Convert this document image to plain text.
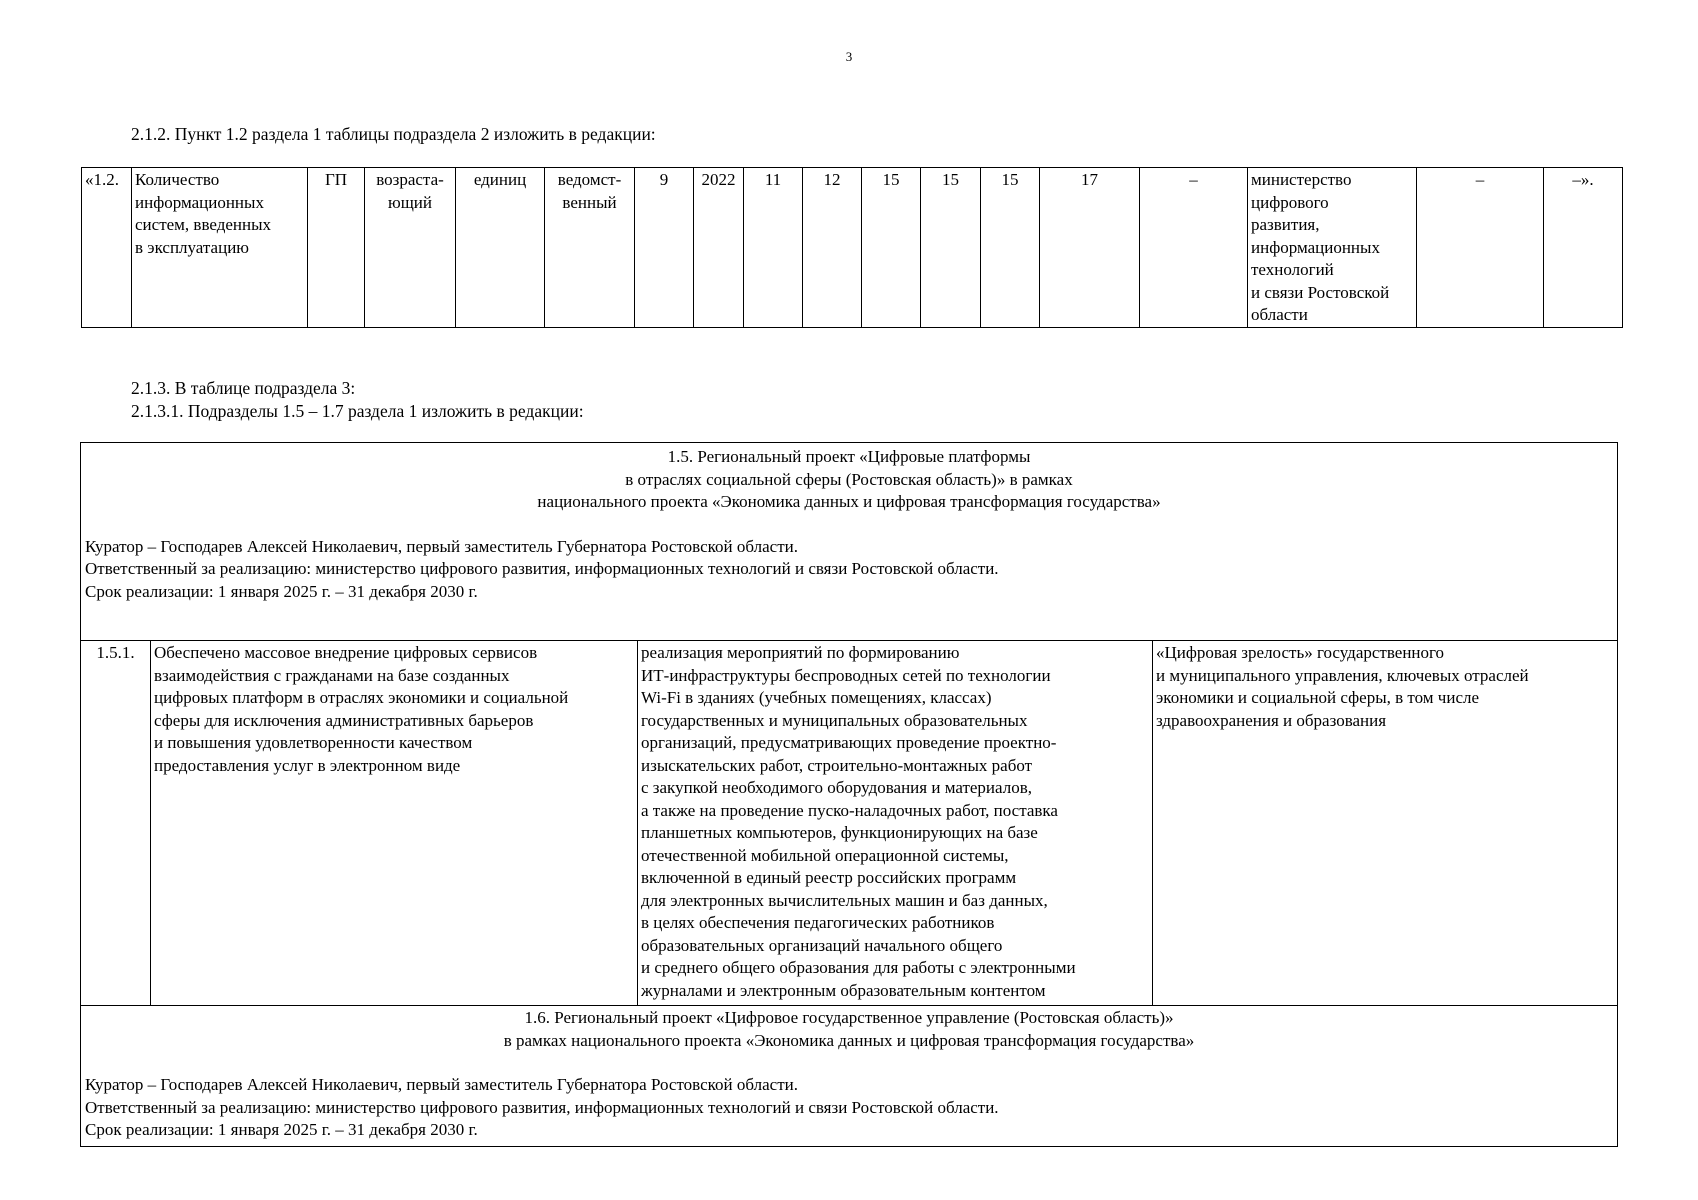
3
2.1.2. Пункт 1.2 раздела 1 таблицы подраздела 2 изложить в редакции:
«1.2.	Количество
информационных
систем, введенных
в эксплуатацию	ГП	возраста-
ющий	единиц	ведомст-
венный	9	2022	11	12	15	15	15	17	–	министерство
цифрового
развития,
информационных
технологий
и связи Ростовской
области	–	–».
2.1.3. В таблице подраздела 3:
2.1.3.1. Подразделы 1.5 – 1.7 раздела 1 изложить в редакции:
1.5. Региональный проект «Цифровые платформы
в отраслях социальной сферы (Ростовская область)» в рамках
национального проекта «Экономика данных и цифровая трансформация государства»
Куратор – Господарев Алексей Николаевич, первый заместитель Губернатора Ростовской области.
Ответственный за реализацию: министерство цифрового развития, информационных технологий и связи Ростовской области.
Срок реализации: 1 января 2025 г. – 31 декабря 2030 г.

1.5.1.	Обеспечено массовое внедрение цифровых сервисов
взаимодействия с гражданами на базе созданных
цифровых платформ в отраслях экономики и социальной
сферы для исключения административных барьеров
и повышения удовлетворенности качеством
предоставления услуг в электронном виде	реализация мероприятий по формированию
ИТ-инфраструктуры беспроводных сетей по технологии
Wi-Fi в зданиях (учебных помещениях, классах)
государственных и муниципальных образовательных
организаций, предусматривающих проведение проектно-
изыскательских работ, строительно-монтажных работ
с закупкой необходимого оборудования и материалов,
а также на проведение пуско-наладочных работ, поставка
планшетных компьютеров, функционирующих на базе
отечественной мобильной операционной системы,
включенной в единый реестр российских программ
для электронных вычислительных машин и баз данных,
в целях обеспечения педагогических работников
образовательных организаций начального общего
и среднего общего образования для работы с электронными
журналами и электронным образовательным контентом	«Цифровая зрелость» государственного
и муниципального управления, ключевых отраслей
экономики и социальной сферы, в том числе
здравоохранения и образования

1.6. Региональный проект «Цифровое государственное управление (Ростовская область)»
в рамках национального проекта «Экономика данных и цифровая трансформация государства»
Куратор – Господарев Алексей Николаевич, первый заместитель Губернатора Ростовской области.
Ответственный за реализацию: министерство цифрового развития, информационных технологий и связи Ростовской области.
Срок реализации: 1 января 2025 г. – 31 декабря 2030 г.
